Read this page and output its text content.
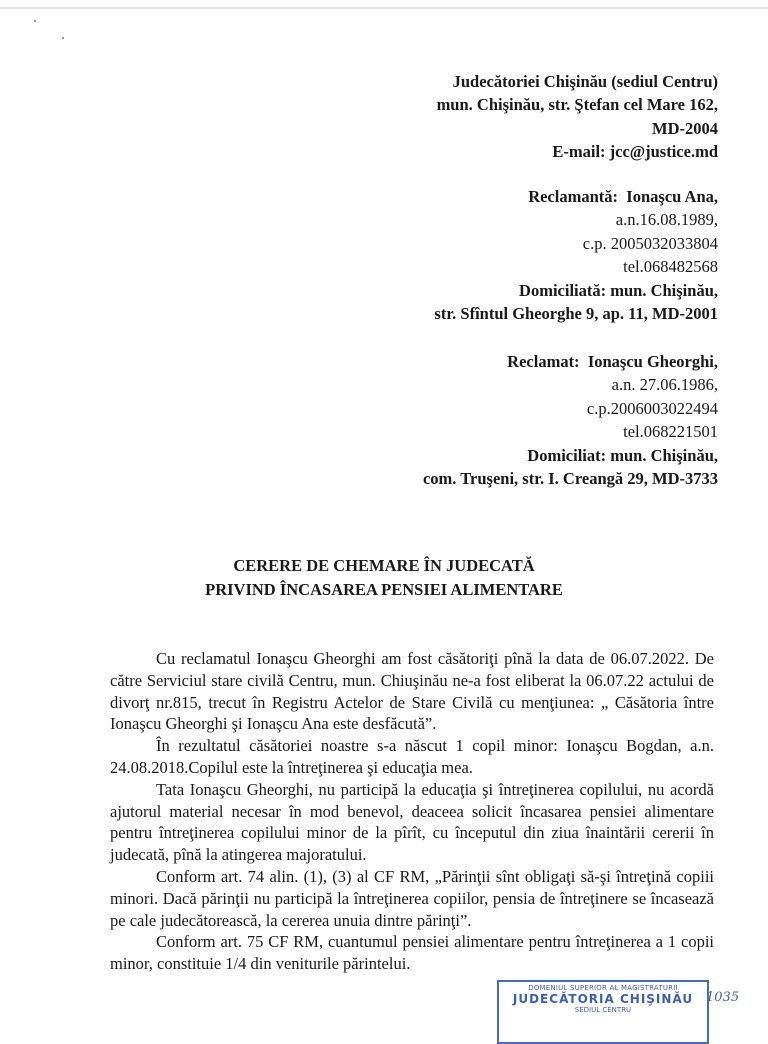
Judecătoriei Chişinău (sediul Centru)
mun. Chişinău, str. Ştefan cel Mare 162,
MD-2004
E-mail: jcc@justice.md
Reclamantă: Ionaşcu Ana,
a.n.16.08.1989,
c.p. 2005032033804
tel.068482568
Domiciliată: mun. Chişinău,
str. Sfîntul Gheorghe 9, ap. 11, MD-2001
Reclamat: Ionaşcu Gheorghi,
a.n. 27.06.1986,
c.p.2006003022494
tel.068221501
Domiciliat: mun. Chişinău,
com. Truşeni, str. I. Creangă 29, MD-3733
CERERE DE CHEMARE ÎN JUDECATĂ
PRIVIND ÎNCASAREA PENSIEI ALIMENTARE

Cu reclamatul Ionaşcu Gheorghi am fost căsătoriţi pînă la data de 06.07.2022. De către Serviciul stare civilă Centru, mun. Chiuşinău ne-a fost eliberat la 06.07.22 actului de divorţ nr.815, trecut în Registru Actelor de Stare Civilă cu menţiunea: „ Căsătoria între Ionaşcu Gheorghi şi Ionaşcu Ana este desfăcută”.

În rezultatul căsătoriei noastre s-a născut 1 copil minor: Ionaşcu Bogdan, a.n. 24.08.2018.Copilul este la întreţinerea şi educaţia mea.

Tata Ionaşcu Gheorghi, nu participă la educaţia şi întreţinerea copilului, nu acordă ajutorul material necesar în mod benevol, deaceea solicit încasarea pensiei alimentare pentru întreţinerea copilului minor de la pîrît, cu începutul din ziua înaintării cererii în judecată, pînă la atingerea majoratului.

Conform art. 74 alin. (1), (3) al CF RM, „Părinţii sînt obligaţi să-şi întreţină copiii minori. Dacă părinţii nu participă la întreţinerea copiilor, pensia de întreţinere se încasează pe cale judecătorească, la cererea unuia dintre părinţi”.

Conform art. 75 CF RM, cuantumul pensiei alimentare pentru întreţinerea a 1 copii minor, constituie 1/4 din veniturile părintelui.

DOMENIUL SUPERIOR AL MAGISTRATURII
JUDECĂTORIA CHIŞINĂU
SEDIUL CENTRU
1035
